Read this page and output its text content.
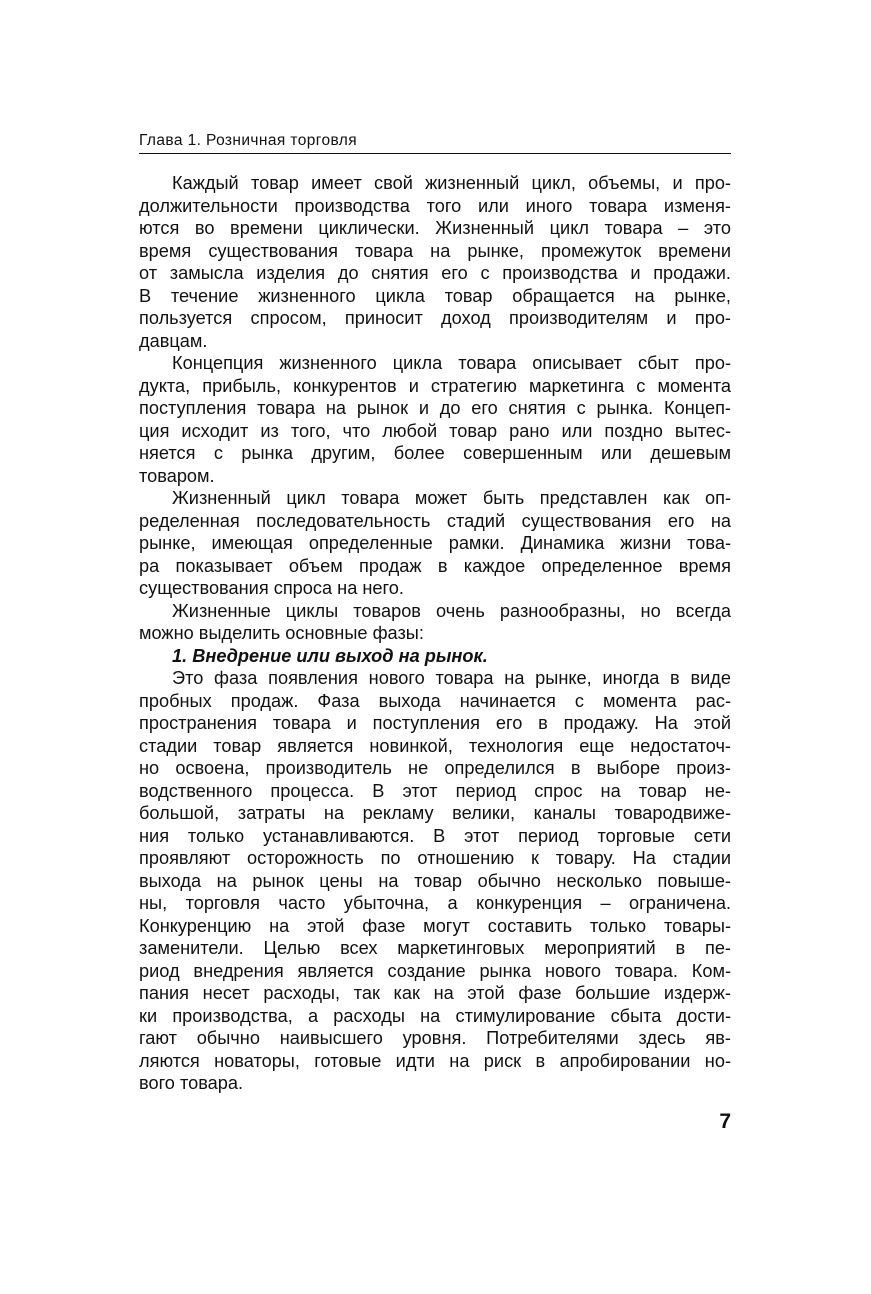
Глава 1. Розничная торговля
Каждый товар имеет свой жизненный цикл, объемы, и про-
должительности производства того или иного товара изменя-
ются во времени циклически. Жизненный цикл товара – это
время существования товара на рынке, промежуток времени
от замысла изделия до снятия его с производства и продажи.
В течение жизненного цикла товар обращается на рынке,
пользуется спросом, приносит доход производителям и про-
давцам.
Концепция жизненного цикла товара описывает сбыт про-
дукта, прибыль, конкурентов и стратегию маркетинга с момента
поступления товара на рынок и до его снятия с рынка. Концеп-
ция исходит из того, что любой товар рано или поздно вытес-
няется с рынка другим, более совершенным или дешевым
товаром.
Жизненный цикл товара может быть представлен как оп-
ределенная последовательность стадий существования его на
рынке, имеющая определенные рамки. Динамика жизни това-
ра показывает объем продаж в каждое определенное время
существования спроса на него.
Жизненные циклы товаров очень разнообразны, но всегда
можно выделить основные фазы:
1. Внедрение или выход на рынок.
Это фаза появления нового товара на рынке, иногда в виде
пробных продаж. Фаза выхода начинается с момента рас-
пространения товара и поступления его в продажу. На этой
стадии товар является новинкой, технология еще недостаточ-
но освоена, производитель не определился в выборе произ-
водственного процесса. В этот период спрос на товар не-
большой, затраты на рекламу велики, каналы товародвиже-
ния только устанавливаются. В этот период торговые сети
проявляют осторожность по отношению к товару. На стадии
выхода на рынок цены на товар обычно несколько повыше-
ны, торговля часто убыточна, а конкуренция – ограничена.
Конкуренцию на этой фазе могут составить только товары-
заменители. Целью всех маркетинговых мероприятий в пе-
риод внедрения является создание рынка нового товара. Ком-
пания несет расходы, так как на этой фазе большие издерж-
ки производства, а расходы на стимулирование сбыта дости-
гают обычно наивысшего уровня. Потребителями здесь яв-
ляются новаторы, готовые идти на риск в апробировании но-
вого товара.
7
